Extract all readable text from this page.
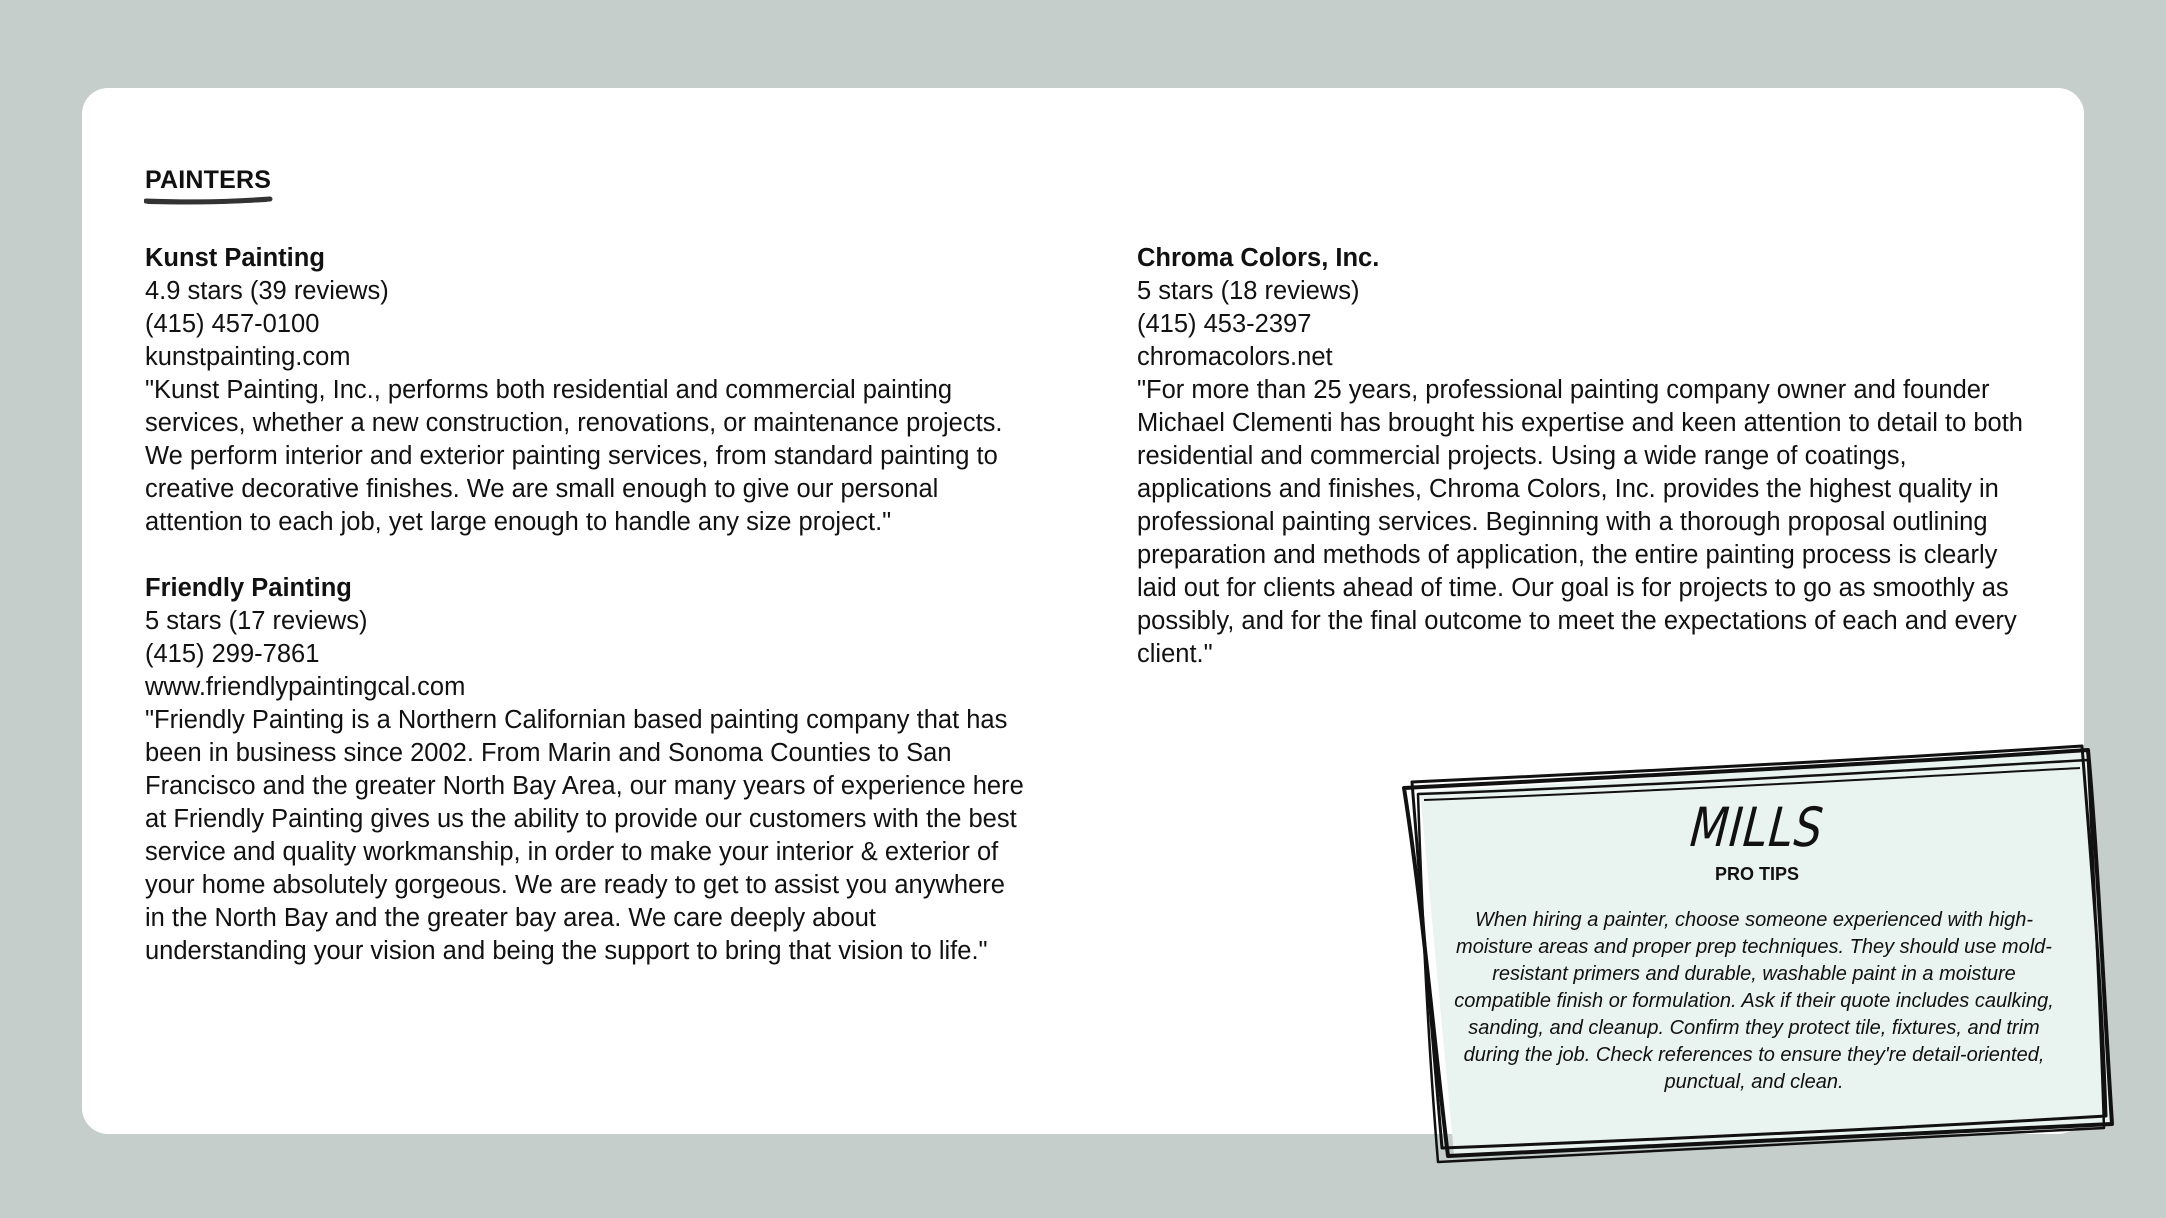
PAINTERS
Kunst Painting
4.9 stars (39 reviews)
(415) 457-0100
kunstpainting.com
"Kunst Painting, Inc., performs both residential and commercial painting services, whether a new construction, renovations, or maintenance projects. We perform interior and exterior painting services, from standard painting to creative decorative finishes. We are small enough to give our personal attention to each job, yet large enough to handle any size project."
Friendly Painting
5 stars (17 reviews)
(415) 299-7861
www.friendlypaintingcal.com
"Friendly Painting is a Northern Californian based painting company that has been in business since 2002. From Marin and Sonoma Counties to San Francisco and the greater North Bay Area, our many years of experience here at Friendly Painting gives us the ability to provide our customers with the best service and quality workmanship, in order to make your interior & exterior of your home absolutely gorgeous. We are ready to get to assist you anywhere in the North Bay and the greater bay area. We care deeply about understanding your vision and being the support to bring that vision to life."
Chroma Colors, Inc.
5 stars (18 reviews)
(415) 453-2397
chromacolors.net
"For more than 25 years, professional painting company owner and founder Michael Clementi has brought his expertise and keen attention to detail to both residential and commercial projects. Using a wide range of coatings, applications and finishes, Chroma Colors, Inc. provides the highest quality in professional painting services. Beginning with a thorough proposal outlining preparation and methods of application, the entire painting process is clearly laid out for clients ahead of time. Our goal is for projects to go as smoothly as possibly, and for the final outcome to meet the expectations of each and every client."
MILLS
PRO TIPS
When hiring a painter, choose someone experienced with high-moisture areas and proper prep techniques. They should use mold-resistant primers and durable, washable paint in a moisture compatible finish or formulation. Ask if their quote includes caulking, sanding, and cleanup. Confirm they protect tile, fixtures, and trim during the job. Check references to ensure they're detail-oriented, punctual, and clean.
